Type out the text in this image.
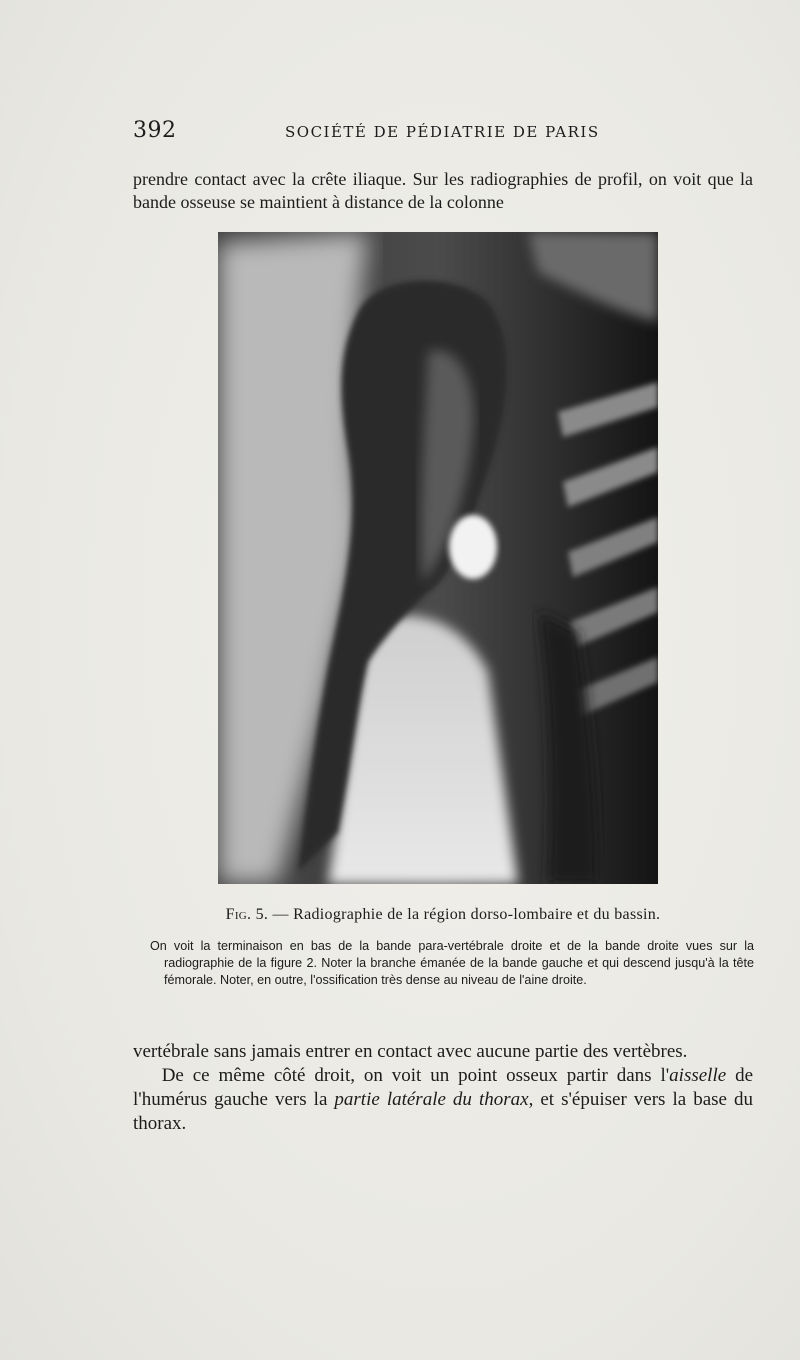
392	SOCIÉTÉ DE PÉDIATRIE DE PARIS
prendre contact avec la crête iliaque. Sur les radiographies de profil, on voit que la bande osseuse se maintient à distance de la colonne
Fig. 5. — Radiographie de la région dorso-lombaire et du bassin.

On voit la terminaison en bas de la bande para-vertébrale droite et de la bande droite vues sur la radiographie de la figure 2. Noter la branche émanée de la bande gauche et qui descend jusqu'à la tête fémorale. Noter, en outre, l'ossification très dense au niveau de l'aine droite.

vertébrale sans jamais entrer en contact avec aucune partie des vertèbres.

De ce même côté droit, on voit un point osseux partir dans l'aisselle de l'humérus gauche vers la partie latérale du thorax, et s'épuiser vers la base du thorax.
